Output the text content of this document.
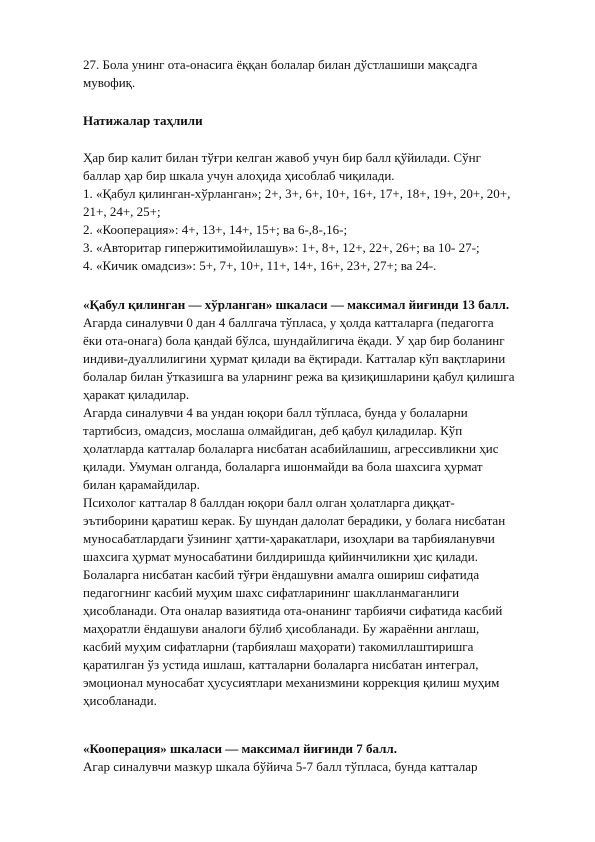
27. Бола унинг ота-онасига ёққан болалар билан дўстлашиши мақсадга
мувофиқ.
Натижалар таҳлили
Ҳар бир калит билан тўғри келган жавоб учун бир балл қўйилади. Сўнг
баллар ҳар бир шкала учун алоҳида ҳисоблаб чиқилади.
1. «Қабул қилинган-хўрланган»; 2+, 3+, 6+, 10+, 16+, 17+, 18+, 19+, 20+, 20+,
21+, 24+, 25+;
2. «Кооперация»: 4+, 13+, 14+, 15+; ва 6-,8-,16-;
3. «Авторитар гипержитимойилашув»: 1+, 8+, 12+, 22+, 26+; ва 10- 27-;
4. «Кичик омадсиз»: 5+, 7+, 10+, 11+, 14+, 16+, 23+, 27+; ва 24-.
«Қабул қилинган — хўрланган» шкаласи — максимал йиғинди 13 балл.
Агарда синалувчи 0 дан 4 баллгача тўпласа, у ҳолда катталарга (педагогга
ёки ота-онага) бола қандай бўлса, шундайлигича ёқади. У ҳар бир боланинг
индиви-дуаллилигини ҳурмат қилади ва ёқтиради. Катталар кўп вақтларини
болалар билан ўтказишга ва уларнинг режа ва қизиқишларини қабул қилишга
ҳаракат қиладилар.
Агарда синалувчи 4 ва ундан юқори балл тўпласа, бунда у болаларни
тартибсиз, омадсиз, мослаша олмайдиган, деб қабул қиладилар. Кўп
ҳолатларда катталар болаларга нисбатан асабийлашиш, агрессивликни ҳис
қилади. Умуман олганда, болаларга ишонмайди ва бола шахсига ҳурмат
билан қарамайдилар.
Психолог катталар 8 баллдан юқори балл олган ҳолатларга диққат-
эътиборини қаратиш керак. Бу шундан далолат берадики, у болага нисбатан
муносабатлардаги ўзининг ҳатти-ҳаракатлари, изоҳлари ва тарбияланувчи
шахсига ҳурмат муносабатини билдиришда қийинчиликни ҳис қилади.
Болаларга нисбатан касбий тўғри ёндашувни амалга ошириш сифатида
педагогнинг касбий муҳим шахс сифатларининг шаклланмаганлиги
ҳисобланади. Ота оналар вазиятида ота-онанинг тарбиячи сифатида касбий
маҳоратли ёндашуви аналоги бўлиб ҳисобланади. Бу жараённи англаш,
касбий муҳим сифатларни (тарбиялаш маҳорати) такомиллаштиришга
қаратилган ўз устида ишлаш, катталарни болаларга нисбатан интеграл,
эмоционал муносабат ҳусусиятлари механизмини коррекция қилиш муҳим
ҳисобланади.
«Кооперация» шкаласи — максимал йиғинди 7 балл.
Агар синалувчи мазкур шкала бўйича 5-7 балл тўпласа, бунда катталар
